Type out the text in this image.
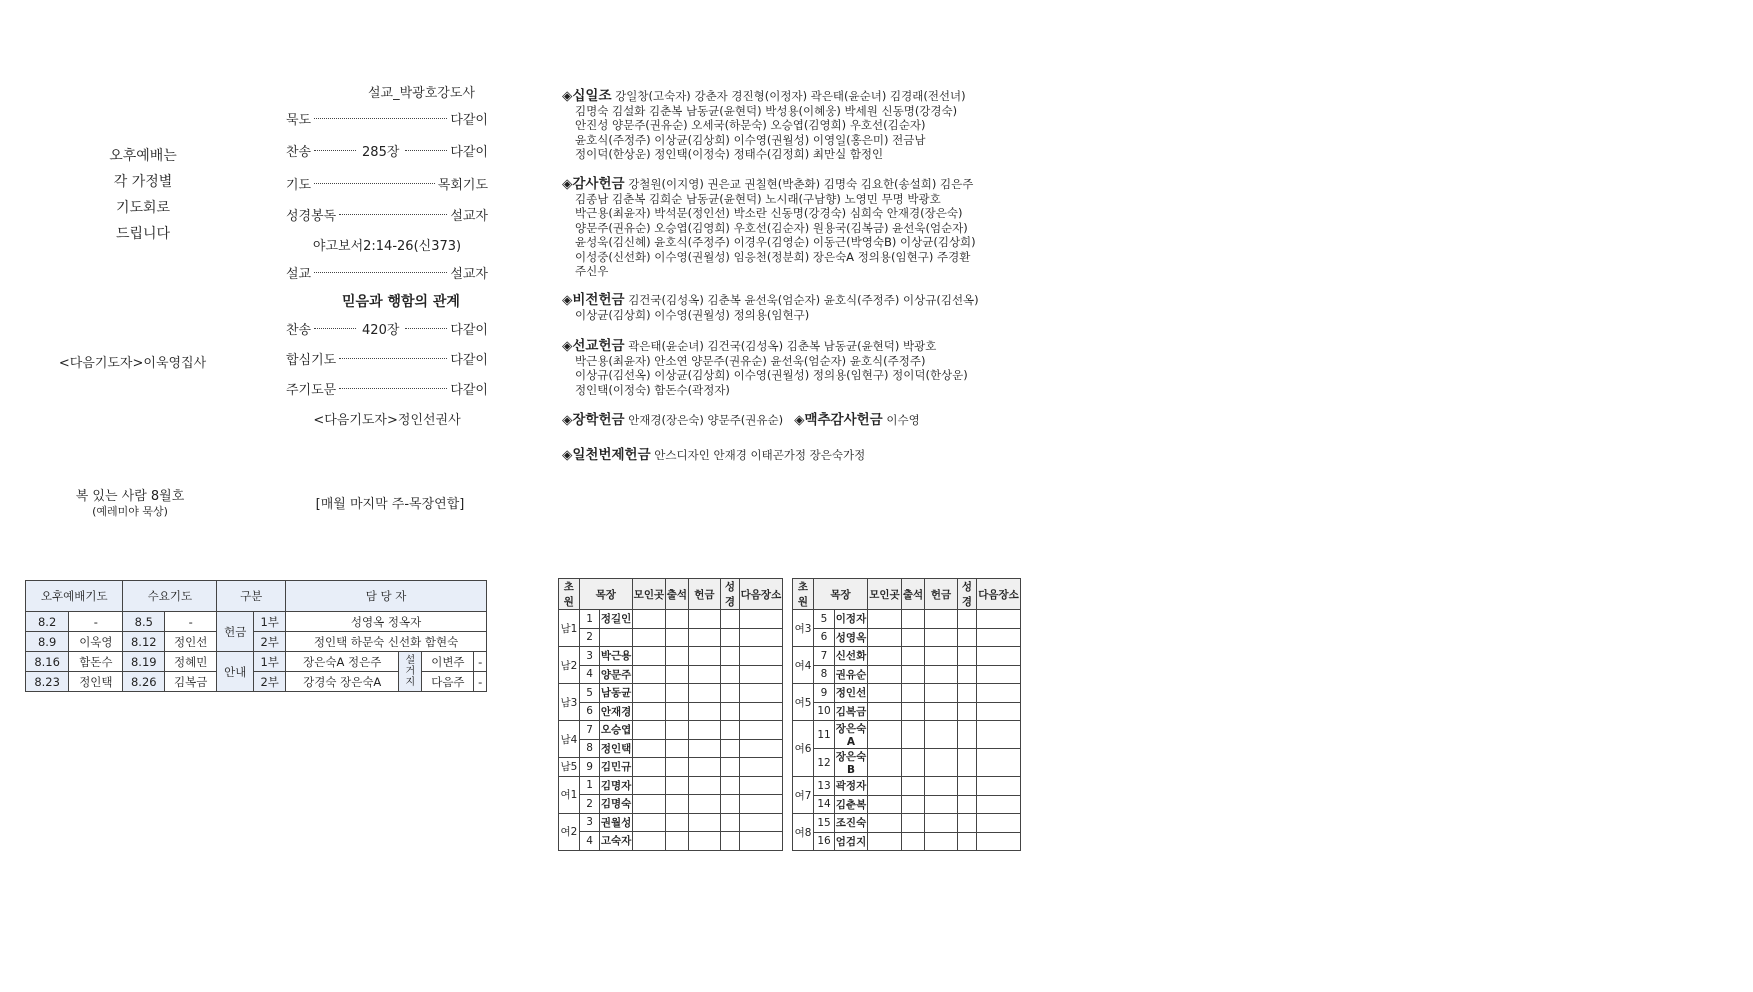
설교_박광호강도사
묵도	다같이
찬송	285장	다같이
기도	목회기도
성경봉독	설교자
야고보서2:14-26(신373)
설교	설교자
믿음과 행함의 관계
찬송	420장	다같이
합심기도	다같이
주기도문	다같이
<다음기도자>정인선권사
오후예배는
각 가정별
기도회로
드립니다
<다음기도자>이욱영집사
복 있는 사람 8월호
(예레미야 묵상)	[매월 마지막 주-목장연합]
◈십일조 강일창(고숙자) 강춘자 경진형(이정자) 곽은태(윤순녀) 김경래(전선녀)
김명숙 김설화 김춘복 남동균(윤현덕) 박성용(이혜웅) 박세원 신동명(강경숙)
안진성 양문주(권유순) 오세국(하문숙) 오승엽(김영희) 우호선(김순자)
윤호식(주정주) 이상균(김상희) 이수영(권월성) 이영일(홍은미) 전금남
정이덕(한상운) 정인택(이정숙) 정태수(김정희) 최만실 함정인
◈감사헌금 강철원(이지영) 권은교 권칠현(박춘화) 김명숙 김요한(송설희) 김은주
김종남 김춘복 김희순 남동균(윤현덕) 노시래(구남향) 노영민 무명 박광호
박근용(최윤자) 박석문(정인선) 박소란 신동명(강경숙) 심희숙 안재경(장은숙)
양문주(권유순) 오승엽(김영희) 우호선(김순자) 원용국(김복금) 윤선욱(엄순자)
윤성욱(김신혜) 윤호식(주정주) 이경우(김영순) 이동근(박영숙B) 이상균(김상희)
이성중(신선화) 이수영(권월성) 임응천(정분희) 장은숙A 정의용(임현구) 주경환
주신우
◈비전헌금 김건국(김성옥) 김춘복 윤선욱(엄순자) 윤호식(주정주) 이상규(김선옥)
이상균(김상희) 이수영(권월성) 정의용(임현구)
◈선교헌금 곽은태(윤순녀) 김건국(김성옥) 김춘복 남동균(윤현덕) 박광호
박근용(최윤자) 안소연 양문주(권유순) 윤선욱(엄순자) 윤호식(주정주)
이상규(김선옥) 이상균(김상희) 이수영(권월성) 정의용(임현구) 정이덕(한상운)
정인택(이정숙) 함돈수(곽정자)
◈장학헌금 안재경(장은숙) 양문주(권유순) ◈맥추감사헌금 이수영
◈일천번제헌금 안스디자인 안재경 이태곤가정 장은숙가정
오후예배기도		수요기도		구분		담 당 자			
8.2	-	8.5	-	헌금	1부	성영옥 정옥자			
8.9	이욱영	8.12	정인선		2부	정인택 하문숙 신선화 함현숙			
8.16	함돈수	8.19	정혜민	안내	1부	장은숙A 정은주	설거지	이변주	-
8.23	정인택	8.26	김복금		2부	강경숙 장은숙A		다음주	-
초원	목장		모인곳	출석	헌금	성경	다음장소
남1	1	정길인					
	2						
남2	3	박근용					
	4	양문주					
남3	5	남동균					
	6	안재경					
남4	7	오승엽					
	8	정인택					
남5	9	김민규					
여1	1	김명자					
	2	김명숙					
여2	3	권월성					
	4	고숙자					
초원	목장		모인곳	출석	헌금	성경	다음장소
여3	5	이정자					
	6	성영옥					
여4	7	신선화					
	8	권유순					
여5	9	정인선					
	10	김복금					
여6	11	장은숙A					
	12	장은숙B					
여7	13	곽정자					
	14	김춘복					
여8	15	조진숙					
	16	엄검지					
